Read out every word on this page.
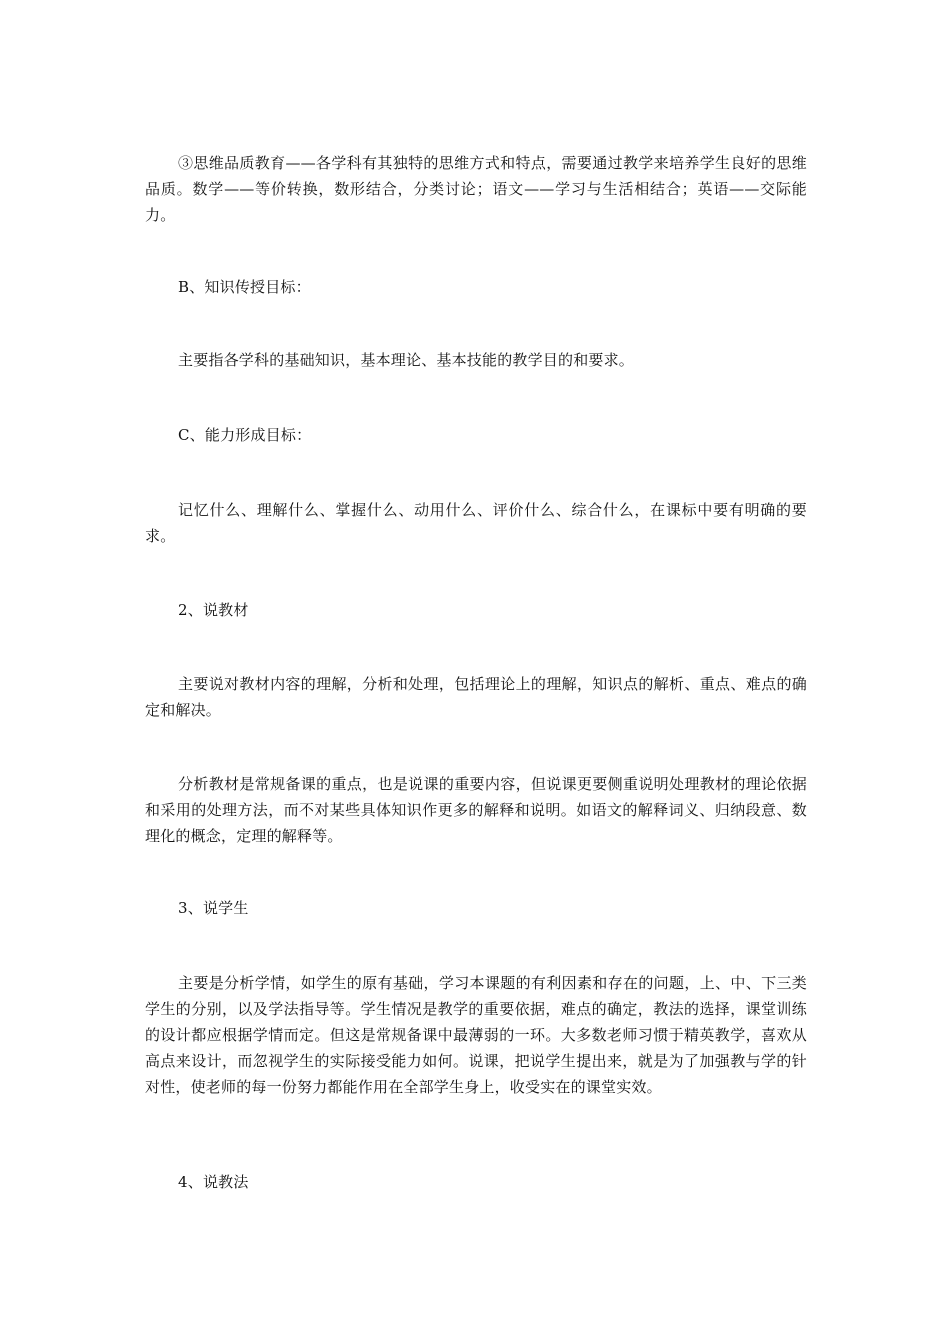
③思维品质教育——各学科有其独特的思维方式和特点，需要通过教学来培养学生良好的思维品质。数学——等价转换，数形结合，分类讨论；语文——学习与生活相结合；英语——交际能力。

B、知识传授目标：

主要指各学科的基础知识，基本理论、基本技能的教学目的和要求。

C、能力形成目标：

记忆什么、理解什么、掌握什么、动用什么、评价什么、综合什么，在课标中要有明确的要求。

2、说教材

主要说对教材内容的理解，分析和处理，包括理论上的理解，知识点的解析、重点、难点的确定和解决。

分析教材是常规备课的重点，也是说课的重要内容，但说课更要侧重说明处理教材的理论依据和采用的处理方法，而不对某些具体知识作更多的解释和说明。如语文的解释词义、归纳段意、数理化的概念，定理的解释等。

3、说学生

主要是分析学情，如学生的原有基础，学习本课题的有利因素和存在的问题，上、中、下三类学生的分别，以及学法指导等。学生情况是教学的重要依据，难点的确定，教法的选择，课堂训练的设计都应根据学情而定。但这是常规备课中最薄弱的一环。大多数老师习惯于精英教学，喜欢从高点来设计，而忽视学生的实际接受能力如何。说课，把说学生提出来，就是为了加强教与学的针对性，使老师的每一份努力都能作用在全部学生身上，收受实在的课堂实效。

4、说教法
